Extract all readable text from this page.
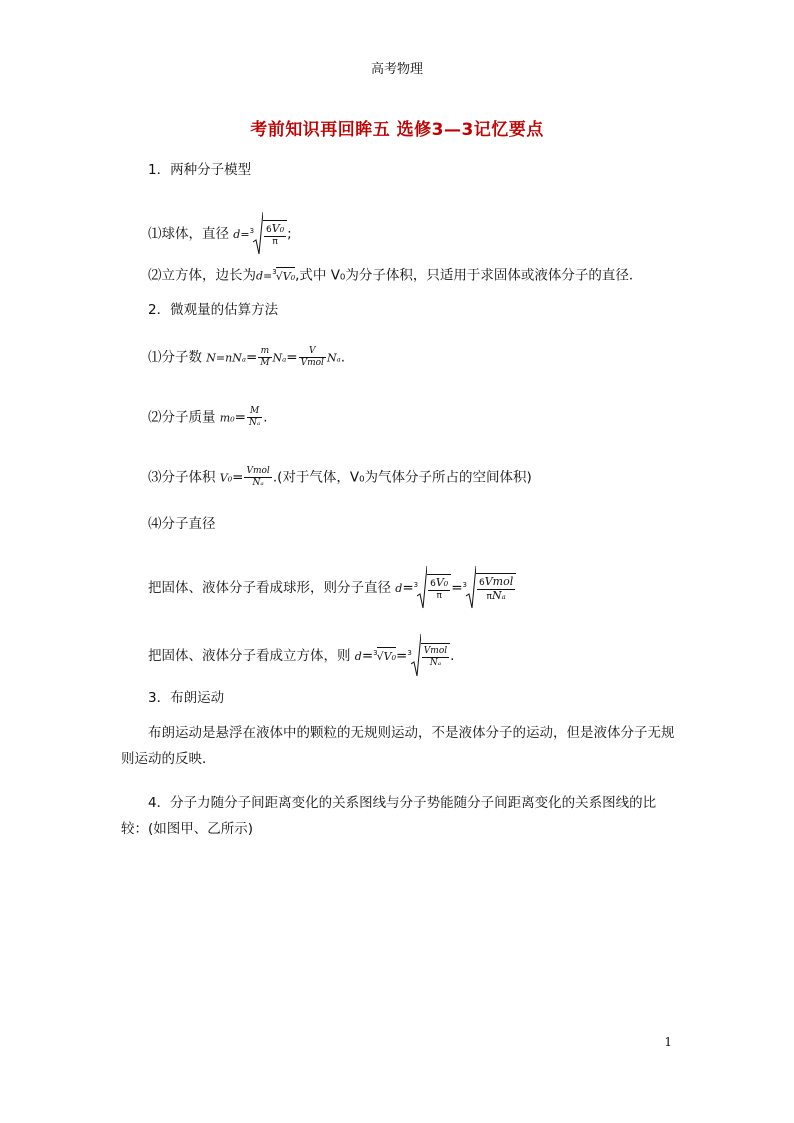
高考物理
考前知识再回眸五 选修3—3记忆要点
1．两种分子模型
⑴球体，直径 $d=^3 \frac{\text{6V₀}}{\pi}$ ;
⑵立方体，边长为d=$^3$√V₀,式中 V₀为分子体积，只适用于求固体或液体分子的直径．
2．微观量的估算方法
⑴分子数 $N=nN_a= \frac{m}{M} N_a= \frac{V}{\text{Vmol}} N_a$.
⑵分子质量 $m_0= \frac{M}{\text{Nₐ}}$ .
⑶分子体积 $V_0= \frac{\text{Vmol}}{\text{Nₐ}}$ .(对于气体，V₀为气体分子所占的空间体积)
⑷分子直径
把固体、液体分子看成球形，则分子直径 $d=^3 \frac{\text{6V₀}}{\pi} =^3 \frac{\text{6Vmol}}{\text{πNₐ}}$
把固体、液体分子看成立方体，则 $d=^3√V_0=^3 \frac{\text{Vmol}}{\text{Nₐ}}$ .
3．布朗运动
布朗运动是悬浮在液体中的颗粒的无规则运动，不是液体分子的运动，但是液体分子无规则运动的反映．
4．分子力随分子间距离变化的关系图线与分子势能随分子间距离变化的关系图线的比较：(如图甲、乙所示)
1
